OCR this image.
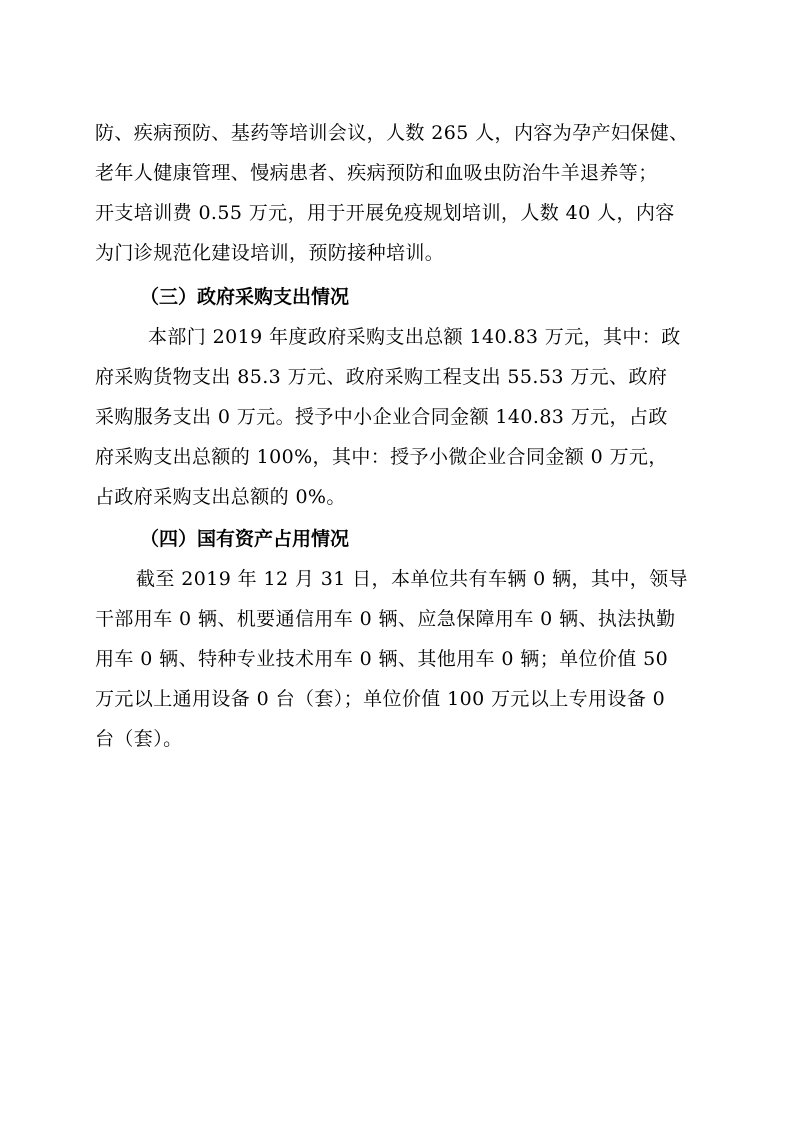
防、疾病预防、基药等培训会议，人数 265 人，内容为孕产妇保健、
老年人健康管理、慢病患者、疾病预防和血吸虫防治牛羊退养等；
开支培训费 0.55 万元，用于开展免疫规划培训，人数 40 人，内容
为门诊规范化建设培训，预防接种培训。
（三）政府采购支出情况
本部门 2019 年度政府采购支出总额 140.83 万元，其中：政
府采购货物支出 85.3 万元、政府采购工程支出 55.53 万元、政府
采购服务支出 0 万元。授予中小企业合同金额 140.83 万元，占政
府采购支出总额的 100%，其中：授予小微企业合同金额 0 万元，
占政府采购支出总额的 0%。
（四）国有资产占用情况
截至 2019 年 12 月 31 日，本单位共有车辆 0 辆，其中，领导
干部用车 0 辆、机要通信用车 0 辆、应急保障用车 0 辆、执法执勤
用车 0 辆、特种专业技术用车 0 辆、其他用车 0 辆；单位价值 50
万元以上通用设备 0 台（套）；单位价值 100 万元以上专用设备 0
台（套）。
